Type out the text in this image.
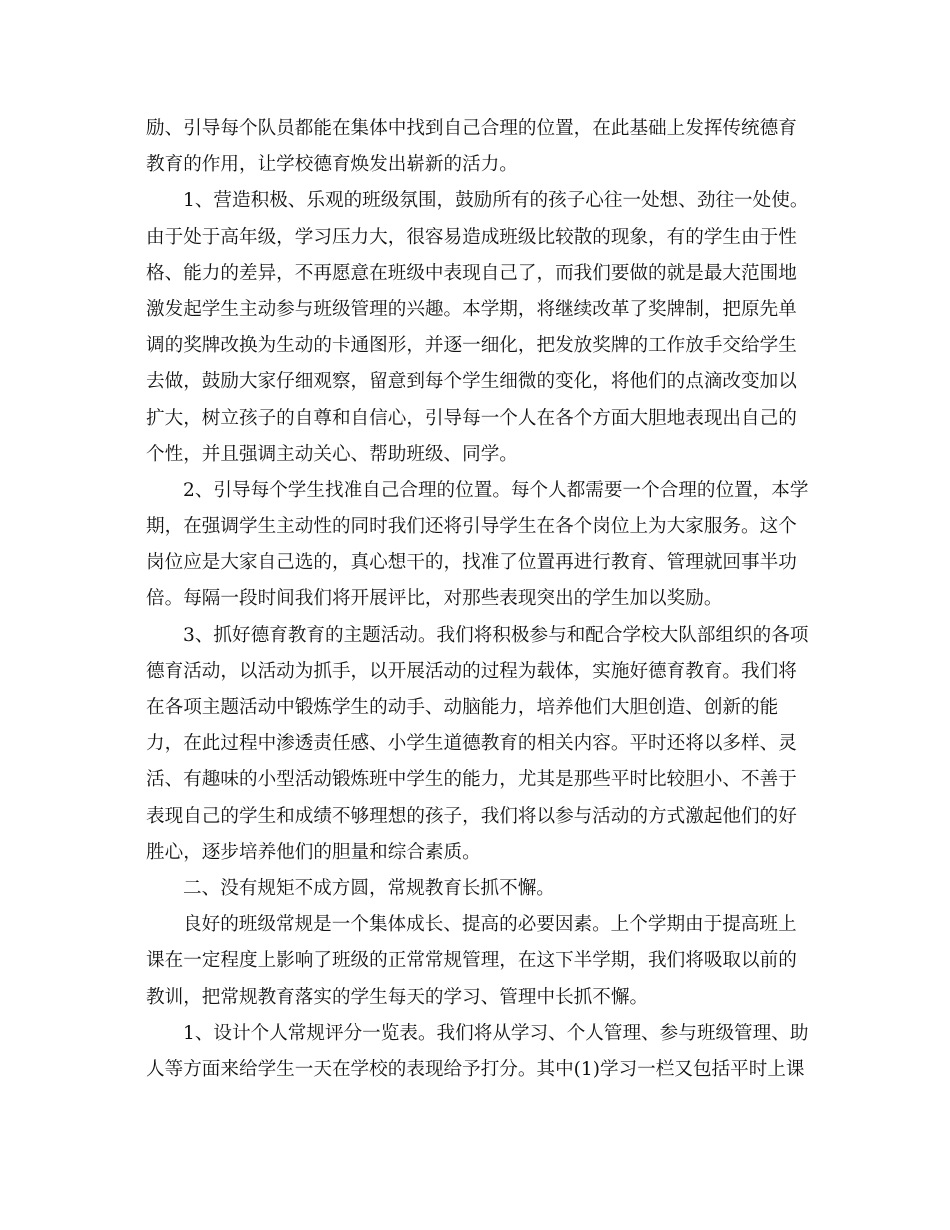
励、引导每个队员都能在集体中找到自己合理的位置，在此基础上发挥传统德育
教育的作用，让学校德育焕发出崭新的活力。
1、营造积极、乐观的班级氛围，鼓励所有的孩子心往一处想、劲往一处使。
由于处于高年级，学习压力大，很容易造成班级比较散的现象，有的学生由于性
格、能力的差异，不再愿意在班级中表现自己了，而我们要做的就是最大范围地
激发起学生主动参与班级管理的兴趣。本学期，将继续改革了奖牌制，把原先单
调的奖牌改换为生动的卡通图形，并逐一细化，把发放奖牌的工作放手交给学生
去做，鼓励大家仔细观察，留意到每个学生细微的变化，将他们的点滴改变加以
扩大，树立孩子的自尊和自信心，引导每一个人在各个方面大胆地表现出自己的
个性，并且强调主动关心、帮助班级、同学。
2、引导每个学生找准自己合理的位置。每个人都需要一个合理的位置，本学
期，在强调学生主动性的同时我们还将引导学生在各个岗位上为大家服务。这个
岗位应是大家自己选的，真心想干的，找准了位置再进行教育、管理就回事半功
倍。每隔一段时间我们将开展评比，对那些表现突出的学生加以奖励。
3、抓好德育教育的主题活动。我们将积极参与和配合学校大队部组织的各项
德育活动，以活动为抓手，以开展活动的过程为载体，实施好德育教育。我们将
在各项主题活动中锻炼学生的动手、动脑能力，培养他们大胆创造、创新的能
力，在此过程中渗透责任感、小学生道德教育的相关内容。平时还将以多样、灵
活、有趣味的小型活动锻炼班中学生的能力，尤其是那些平时比较胆小、不善于
表现自己的学生和成绩不够理想的孩子，我们将以参与活动的方式激起他们的好
胜心，逐步培养他们的胆量和综合素质。
二、没有规矩不成方圆，常规教育长抓不懈。
良好的班级常规是一个集体成长、提高的必要因素。上个学期由于提高班上
课在一定程度上影响了班级的正常常规管理，在这下半学期，我们将吸取以前的
教训，把常规教育落实的学生每天的学习、管理中长抓不懈。
1、设计个人常规评分一览表。我们将从学习、个人管理、参与班级管理、助
人等方面来给学生一天在学校的表现给予打分。其中(1)学习一栏又包括平时上课
